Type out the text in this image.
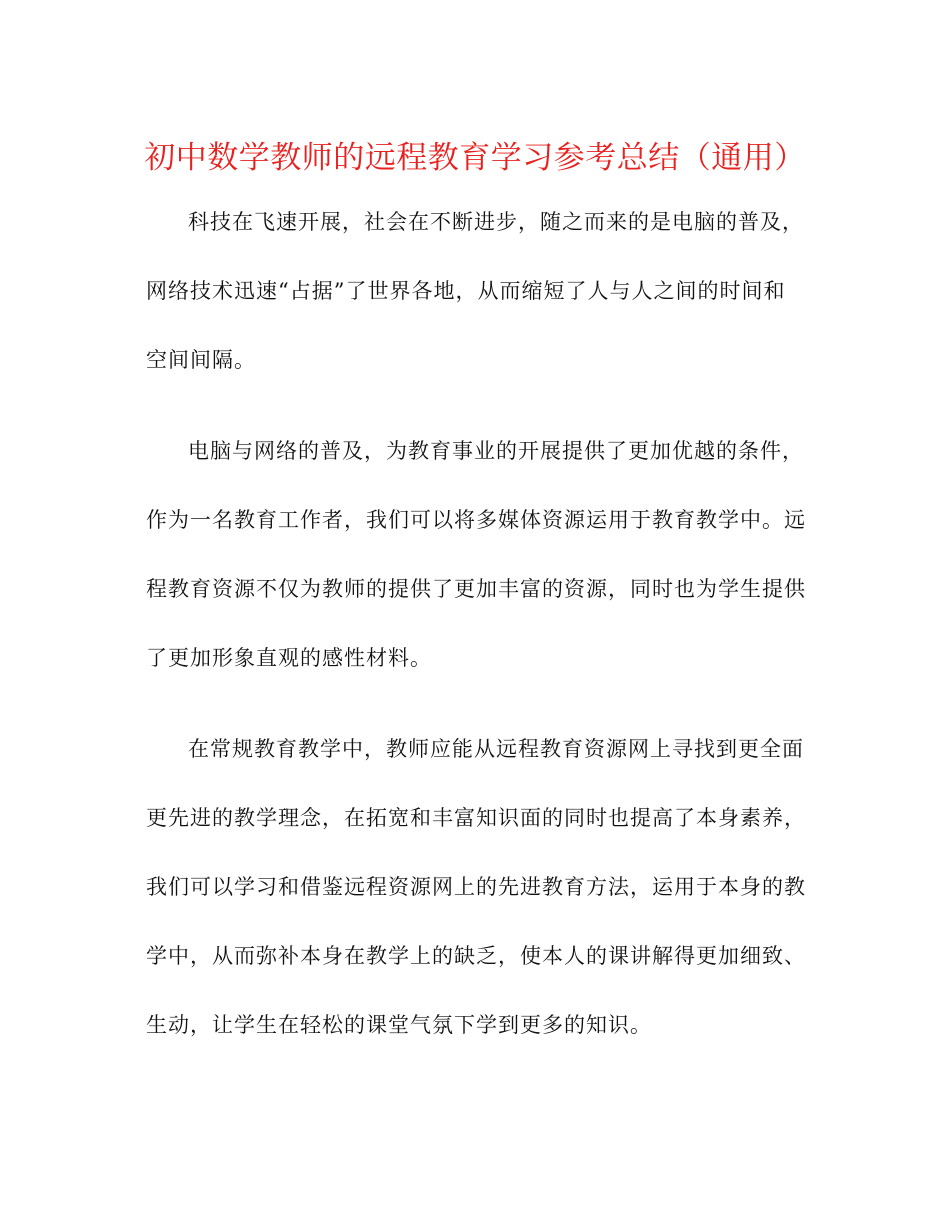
初中数学教师的远程教育学习参考总结（通用）
科技在飞速开展，社会在不断进步，随之而来的是电脑的普及，
网络技术迅速“占据”了世界各地，从而缩短了人与人之间的时间和
空间间隔。
电脑与网络的普及，为教育事业的开展提供了更加优越的条件，
作为一名教育工作者，我们可以将多媒体资源运用于教育教学中。远
程教育资源不仅为教师的提供了更加丰富的资源，同时也为学生提供
了更加形象直观的感性材料。
在常规教育教学中，教师应能从远程教育资源网上寻找到更全面
更先进的教学理念，在拓宽和丰富知识面的同时也提高了本身素养，
我们可以学习和借鉴远程资源网上的先进教育方法，运用于本身的教
学中，从而弥补本身在教学上的缺乏，使本人的课讲解得更加细致、
生动，让学生在轻松的课堂气氛下学到更多的知识。
